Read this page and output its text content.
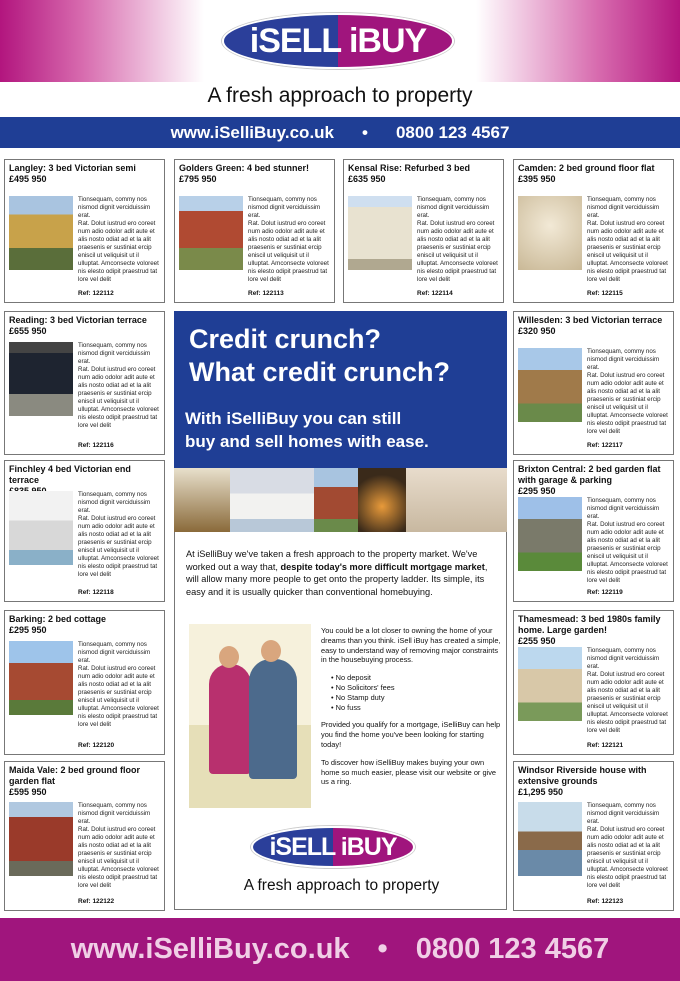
iSELL iBUY
A fresh approach to property
www.iSelliBuy.co.uk • 0800 123 4567
Langley: 3 bed Victorian semi
£495 950
Tionsequam, commy nos nismod dignit verciduissim erat.
Rat. Dolut iustrud ero coreet num adio odolor adit aute et alis nosto odiat ad et la alit praesenis er sustiniat ercip eniscil ut veliquisit ut il ulluptat. Amconsecte voloreet nis elesto odipit praestrud tat lore vel delit
Ref: 122112
Golders Green: 4 bed stunner!
£795 950
Tionsequam, commy nos nismod dignit verciduissim erat.
Rat. Dolut iustrud ero coreet num adio odolor adit aute et alis nosto odiat ad et la alit praesenis er sustiniat ercip eniscil ut veliquisit ut il ulluptat. Amconsecte voloreet nis elesto odipit praestrud tat lore vel delit
Ref: 122113
Kensal Rise: Refurbed 3 bed
£635 950
Tionsequam, commy nos nismod dignit verciduissim erat.
Rat. Dolut iustrud ero coreet num adio odolor adit aute et alis nosto odiat ad et la alit praesenis er sustiniat ercip eniscil ut veliquisit ut il ulluptat. Amconsecte voloreet nis elesto odipit praestrud tat lore vel delit
Ref: 122114
Camden: 2 bed ground floor flat
£395 950
Tionsequam, commy nos nismod dignit verciduissim erat.
Rat. Dolut iustrud ero coreet num adio odolor adit aute et alis nosto odiat ad et la alit praesenis er sustiniat ercip eniscil ut veliquisit ut il ulluptat. Amconsecte voloreet nis elesto odipit praestrud tat lore vel delit
Ref: 122115
Reading: 3 bed Victorian terrace
£655 950
Tionsequam, commy nos nismod dignit verciduissim erat.
Rat. Dolut iustrud ero coreet num adio odolor adit aute et alis nosto odiat ad et la alit praesenis er sustiniat ercip eniscil ut veliquisit ut il ulluptat. Amconsecte voloreet nis elesto odipit praestrud tat lore vel delit
Ref: 122116
Finchley 4 bed Victorian end terrace
Tionsequam, commy nos nismod dignit verciduissim erat.
Rat. Dolut iustrud ero coreet num adio odolor adit aute et alis nosto odiat ad et la alit praesenis er sustiniat ercip eniscil ut veliquisit ut il ulluptat. Amconsecte voloreet nis elesto odipit praestrud tat lore vel delit
Ref: 122118
Barking: 2 bed cottage
£295 950
Tionsequam, commy nos nismod dignit verciduissim erat.
Rat. Dolut iustrud ero coreet num adio odolor adit aute et alis nosto odiat ad et la alit praesenis er sustiniat ercip eniscil ut veliquisit ut il ulluptat. Amconsecte voloreet nis elesto odipit praestrud tat lore vel delit
Ref: 122120
Maida Vale: 2 bed ground floor garden flat
£595 950
Tionsequam, commy nos nismod dignit verciduissim erat.
Rat. Dolut iustrud ero coreet num adio odolor adit aute et alis nosto odiat ad et la alit praesenis er sustiniat ercip eniscil ut veliquisit ut il ulluptat. Amconsecte voloreet nis elesto odipit praestrud tat lore vel delit
Ref: 122122
Willesden: 3 bed Victorian terrace
£320 950
Tionsequam, commy nos nismod dignit verciduissim erat.
Rat. Dolut iustrud ero coreet num adio odolor adit aute et alis nosto odiat ad et la alit praesenis er sustiniat ercip eniscil ut veliquisit ut il ulluptat. Amconsecte voloreet nis elesto odipit praestrud tat lore vel delit
Ref: 122117
Brixton Central: 2 bed garden flat with garage & parking
£295 950
Tionsequam, commy nos nismod dignit verciduissim erat.
Rat. Dolut iustrud ero coreet num adio odolor adit aute et alis nosto odiat ad et la alit praesenis er sustiniat ercip eniscil ut veliquisit ut il ulluptat. Amconsecte voloreet nis elesto odipit praestrud tat lore vel delit
Ref: 122119
Thamesmead: 3 bed 1980s family home. Large garden!
£255 950
Tionsequam, commy nos nismod dignit verciduissim erat.
Rat. Dolut iustrud ero coreet num adio odolor adit aute et alis nosto odiat ad et la alit praesenis er sustiniat ercip eniscil ut veliquisit ut il ulluptat. Amconsecte voloreet nis elesto odipit praestrud tat lore vel delit
Ref: 122121
Windsor Riverside house with extensive grounds
£1,295 950
Tionsequam, commy nos nismod dignit verciduissim erat.
Rat. Dolut iustrud ero coreet num adio odolor adit aute et alis nosto odiat ad et la alit praesenis er sustiniat ercip eniscil ut veliquisit ut il ulluptat. Amconsecte voloreet nis elesto odipit praestrud tat lore vel delit
Ref: 122123
Credit crunch?
What credit crunch?
With iSelliBuy you can still
buy and sell homes with ease.
At iSelliBuy we've taken a fresh approach to the property market. We've worked out a way that, despite today's more difficult mortgage market, will allow many more people to get onto the property ladder. Its simple, its easy and it is usually quicker than conventional homebuying.

You could be a lot closer to owning the home of your dreams than you think. iSell iBuy has created a simple, easy to understand way of removing major constraints in the housebuying process.

• No deposit
• No Solicitors' fees
• No Stamp duty
• No fuss

Provided you qualify for a mortgage, iSelliBuy can help you find the home you've been looking for starting today!

To discover how iSelliBuy makes buying your own home so much easier, please visit our website or give us a ring.

iSELL iBUY
A fresh approach to property
www.iSelliBuy.co.uk • 0800 123 4567
